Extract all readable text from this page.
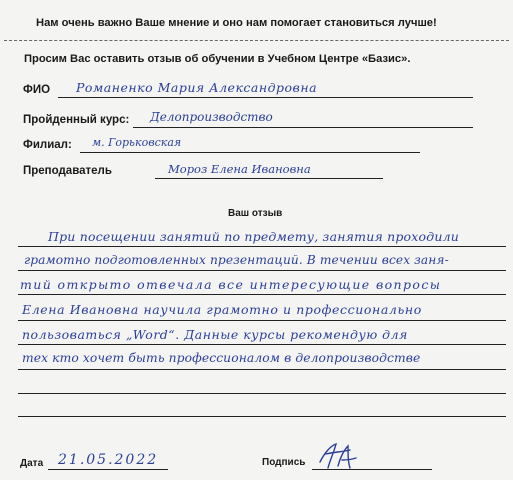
Нам очень важно Ваше мнение и оно нам помогает становиться лучше!
Просим Вас оставить отзыв об обучении в Учебном Центре «Базис».
ФИО Романенко Мария Александровна
Пройденный курс: Делопроизводство
Филиал: м. Горьковская
Преподаватель	Мороз Елена Ивановна
Ваш отзыв
При посещении занятий по предмету, занятия проходили
грамотно подготовленных презентаций. В течении всех заня-
тий открыто отвечала все интересующие вопросы
Елена Ивановна научила грамотно и профессионально
пользоваться „Word“. Данные курсы рекомендую для
тех кто хочет быть профессионалом в делопроизводстве
Дата 21.05.2022	Подпись
